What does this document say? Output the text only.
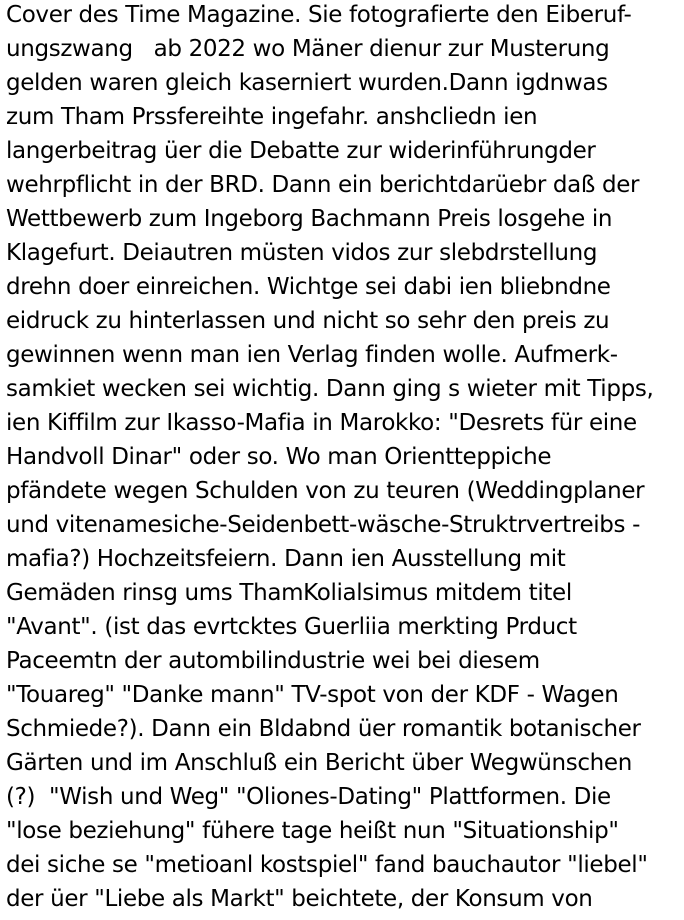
Cover des Time Magazine. Sie fotografierte den Eiberuf-
ungszwang   ab 2022 wo Mäner dienur zur Musterung
gelden waren gleich kaserniert wurden.Dann igdnwas
zum Tham Prssfereihte ingefahr. anshcliedn ien
langerbeitrag üer die Debatte zur widerinführungder
wehrpflicht in der BRD. Dann ein berichtdarüebr daß der
Wettbewerb zum Ingeborg Bachmann Preis losgehe in
Klagefurt. Deiautren müsten vidos zur slebdrstellung
drehn doer einreichen. Wichtge sei dabi ien bliebndne
eidruck zu hinterlassen und nicht so sehr den preis zu
gewinnen wenn man ien Verlag finden wolle. Aufmerk-
samkiet wecken sei wichtig. Dann ging s wieter mit Tipps,
ien Kiffilm zur Ikasso-Mafia in Marokko: "Desrets für eine
Handvoll Dinar" oder so. Wo man Orientteppiche
pfändete wegen Schulden von zu teuren (Weddingplaner
und vitenamesiche-Seidenbett-wäsche-Struktrvertreibs -
mafia?) Hochzeitsfeiern. Dann ien Ausstellung mit
Gemäden rinsg ums ThamKolialsimus mitdem titel
"Avant". (ist das evrtcktes Guerliia merkting Prduct
Paceemtn der autombilindustrie wei bei diesem
"Touareg" "Danke mann" TV-spot von der KDF - Wagen
Schmiede?). Dann ein Bldabnd üer romantik botanischer
Gärten und im Anschluß ein Bericht über Wegwünschen
(?)  "Wish und Weg" "Oliones-Dating" Plattformen. Die
"lose beziehung" fühere tage heißt nun "Situationship"
dei siche se "metioanl kostspiel" fand bauchautor "liebel"
der üer "Liebe als Markt" beichtete, der Konsum von
